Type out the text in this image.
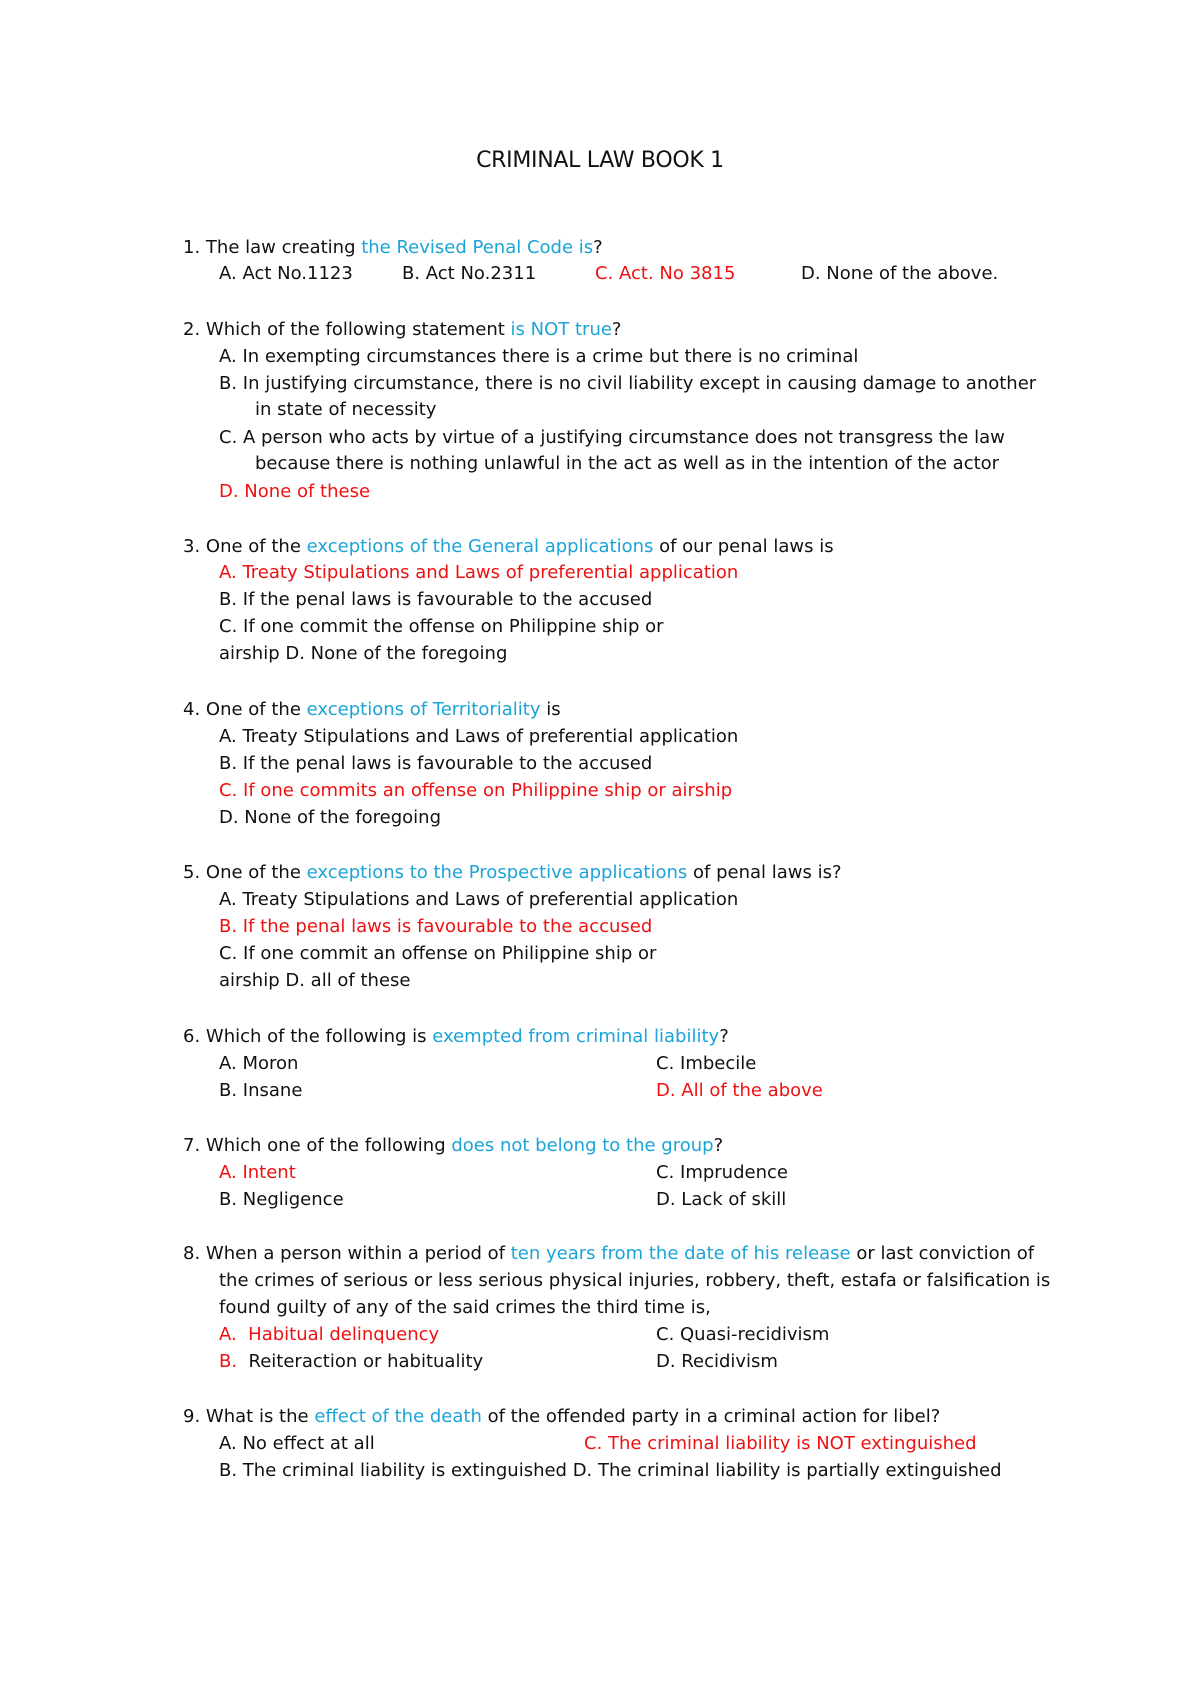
CRIMINAL LAW BOOK 1
1. The law creating the Revised Penal Code is?
A. Act No.1123	B. Act No.2311	C. Act. No 3815	D. None of the above.
2. Which of the following statement is NOT true?
A. In exempting circumstances there is a crime but there is no criminal
B. In justifying circumstance, there is no civil liability except in causing damage to another
in state of necessity
C. A person who acts by virtue of a justifying circumstance does not transgress the law
because there is nothing unlawful in the act as well as in the intention of the actor
D. None of these
3. One of the exceptions of the General applications of our penal laws is
A. Treaty Stipulations and Laws of preferential application
B. If the penal laws is favourable to the accused
C. If one commit the offense on Philippine ship or
airship D. None of the foregoing
4. One of the exceptions of Territoriality is
A. Treaty Stipulations and Laws of preferential application
B. If the penal laws is favourable to the accused
C. If one commits an offense on Philippine ship or airship
D. None of the foregoing
5. One of the exceptions to the Prospective applications of penal laws is?
A. Treaty Stipulations and Laws of preferential application
B. If the penal laws is favourable to the accused
C. If one commit an offense on Philippine ship or
airship D. all of these
6. Which of the following is exempted from criminal liability?
A. Moron	C. Imbecile
B. Insane	D. All of the above
7. Which one of the following does not belong to the group?
A. Intent	C. Imprudence
B. Negligence	D. Lack of skill
8. When a person within a period of ten years from the date of his release or last conviction of
the crimes of serious or less serious physical injuries, robbery, theft, estafa or falsification is
found guilty of any of the said crimes the third time is,
A. Habitual delinquency	C. Quasi-recidivism
B. Reiteraction or habituality	D. Recidivism
9. What is the effect of the death of the offended party in a criminal action for libel?
A. No effect at all	C. The criminal liability is NOT extinguished
B. The criminal liability is extinguished D. The criminal liability is partially extinguished
